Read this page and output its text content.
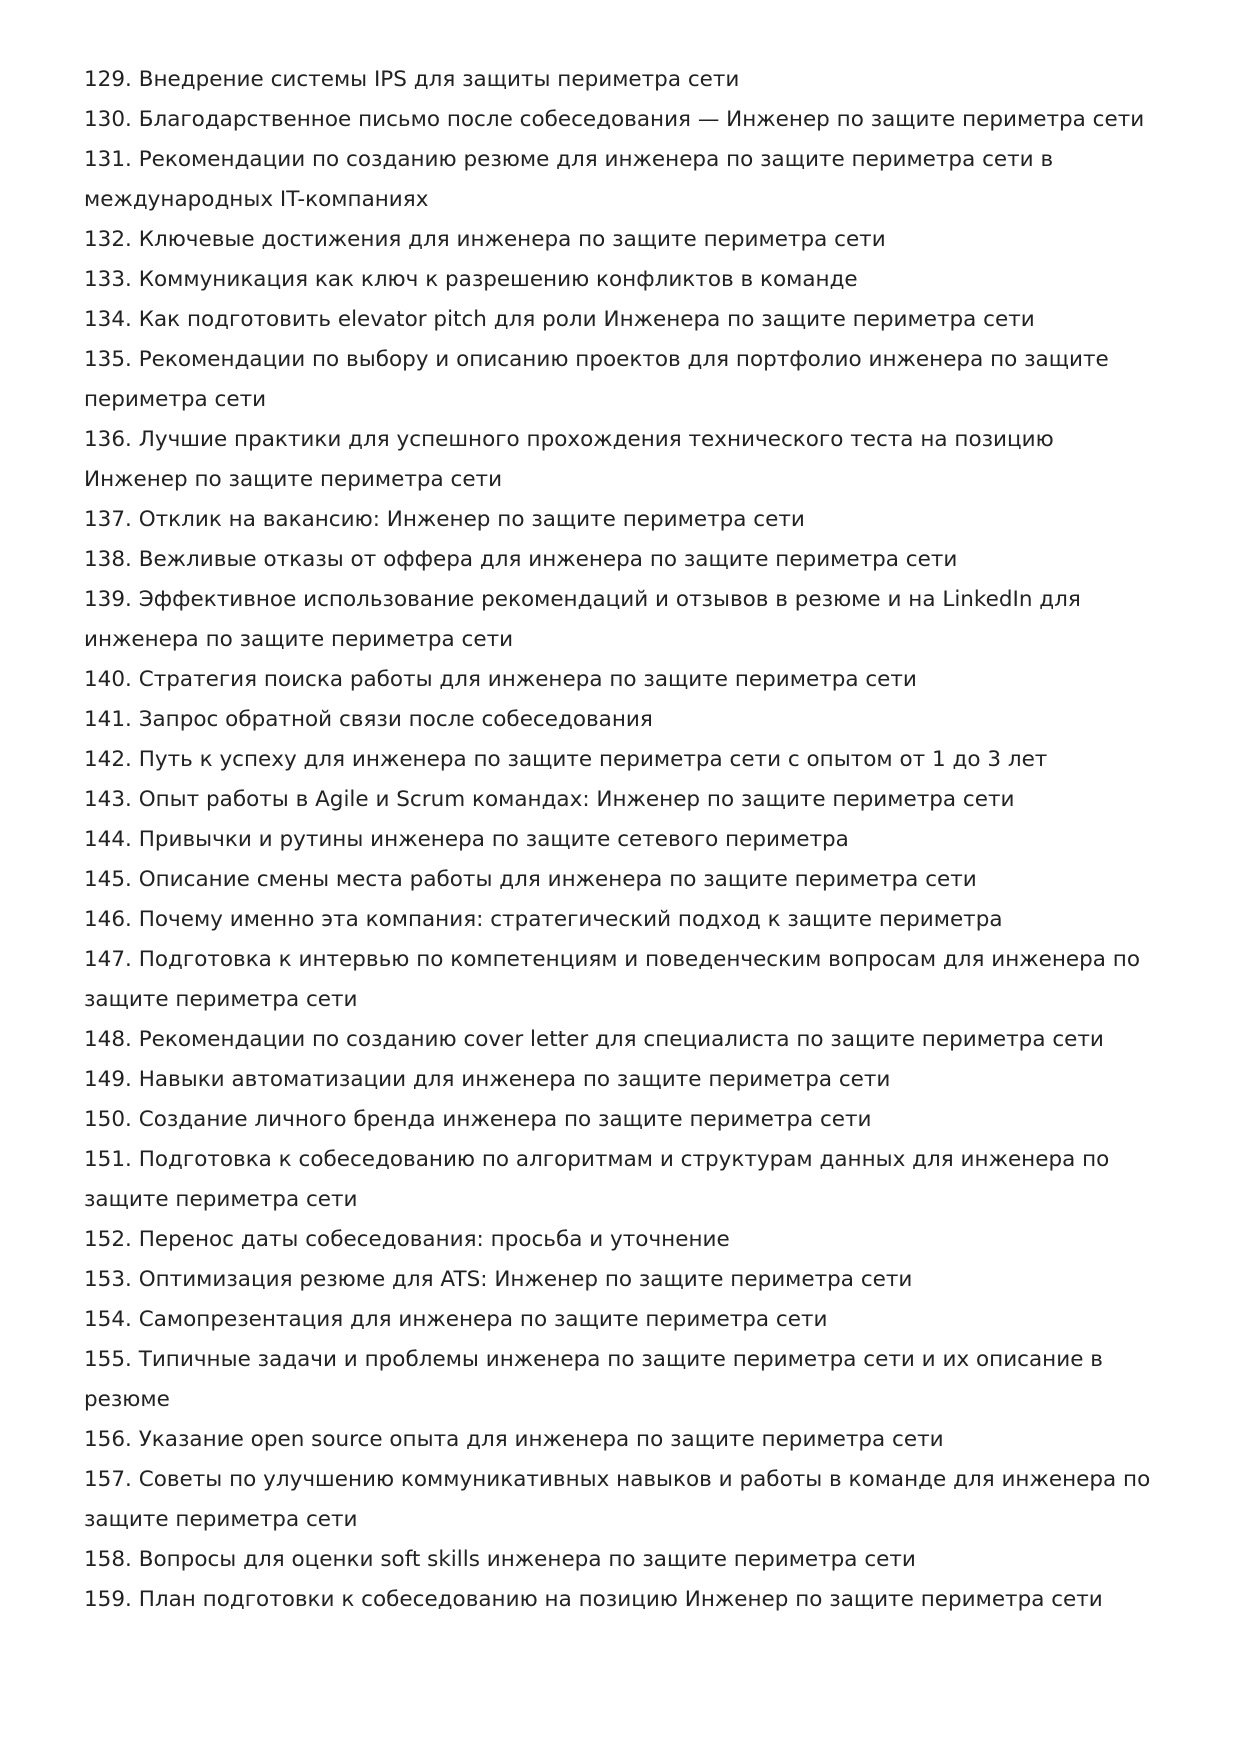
129. Внедрение системы IPS для защиты периметра сети

130. Благодарственное письмо после собеседования — Инженер по защите периметра сети

131. Рекомендации по созданию резюме для инженера по защите периметра сети в международных IT-компаниях

132. Ключевые достижения для инженера по защите периметра сети

133. Коммуникация как ключ к разрешению конфликтов в команде

134. Как подготовить elevator pitch для роли Инженера по защите периметра сети

135. Рекомендации по выбору и описанию проектов для портфолио инженера по защите периметра сети

136. Лучшие практики для успешного прохождения технического теста на позицию Инженер по защите периметра сети

137. Отклик на вакансию: Инженер по защите периметра сети

138. Вежливые отказы от оффера для инженера по защите периметра сети

139. Эффективное использование рекомендаций и отзывов в резюме и на LinkedIn для инженера по защите периметра сети

140. Стратегия поиска работы для инженера по защите периметра сети

141. Запрос обратной связи после собеседования

142. Путь к успеху для инженера по защите периметра сети с опытом от 1 до 3 лет

143. Опыт работы в Agile и Scrum командах: Инженер по защите периметра сети

144. Привычки и рутины инженера по защите сетевого периметра

145. Описание смены места работы для инженера по защите периметра сети

146. Почему именно эта компания: стратегический подход к защите периметра

147. Подготовка к интервью по компетенциям и поведенческим вопросам для инженера по защите периметра сети

148. Рекомендации по созданию cover letter для специалиста по защите периметра сети

149. Навыки автоматизации для инженера по защите периметра сети

150. Создание личного бренда инженера по защите периметра сети

151. Подготовка к собеседованию по алгоритмам и структурам данных для инженера по защите периметра сети

152. Перенос даты собеседования: просьба и уточнение

153. Оптимизация резюме для ATS: Инженер по защите периметра сети

154. Самопрезентация для инженера по защите периметра сети

155. Типичные задачи и проблемы инженера по защите периметра сети и их описание в резюме

156. Указание open source опыта для инженера по защите периметра сети

157. Советы по улучшению коммуникативных навыков и работы в команде для инженера по защите периметра сети

158. Вопросы для оценки soft skills инженера по защите периметра сети

159. План подготовки к собеседованию на позицию Инженер по защите периметра сети
